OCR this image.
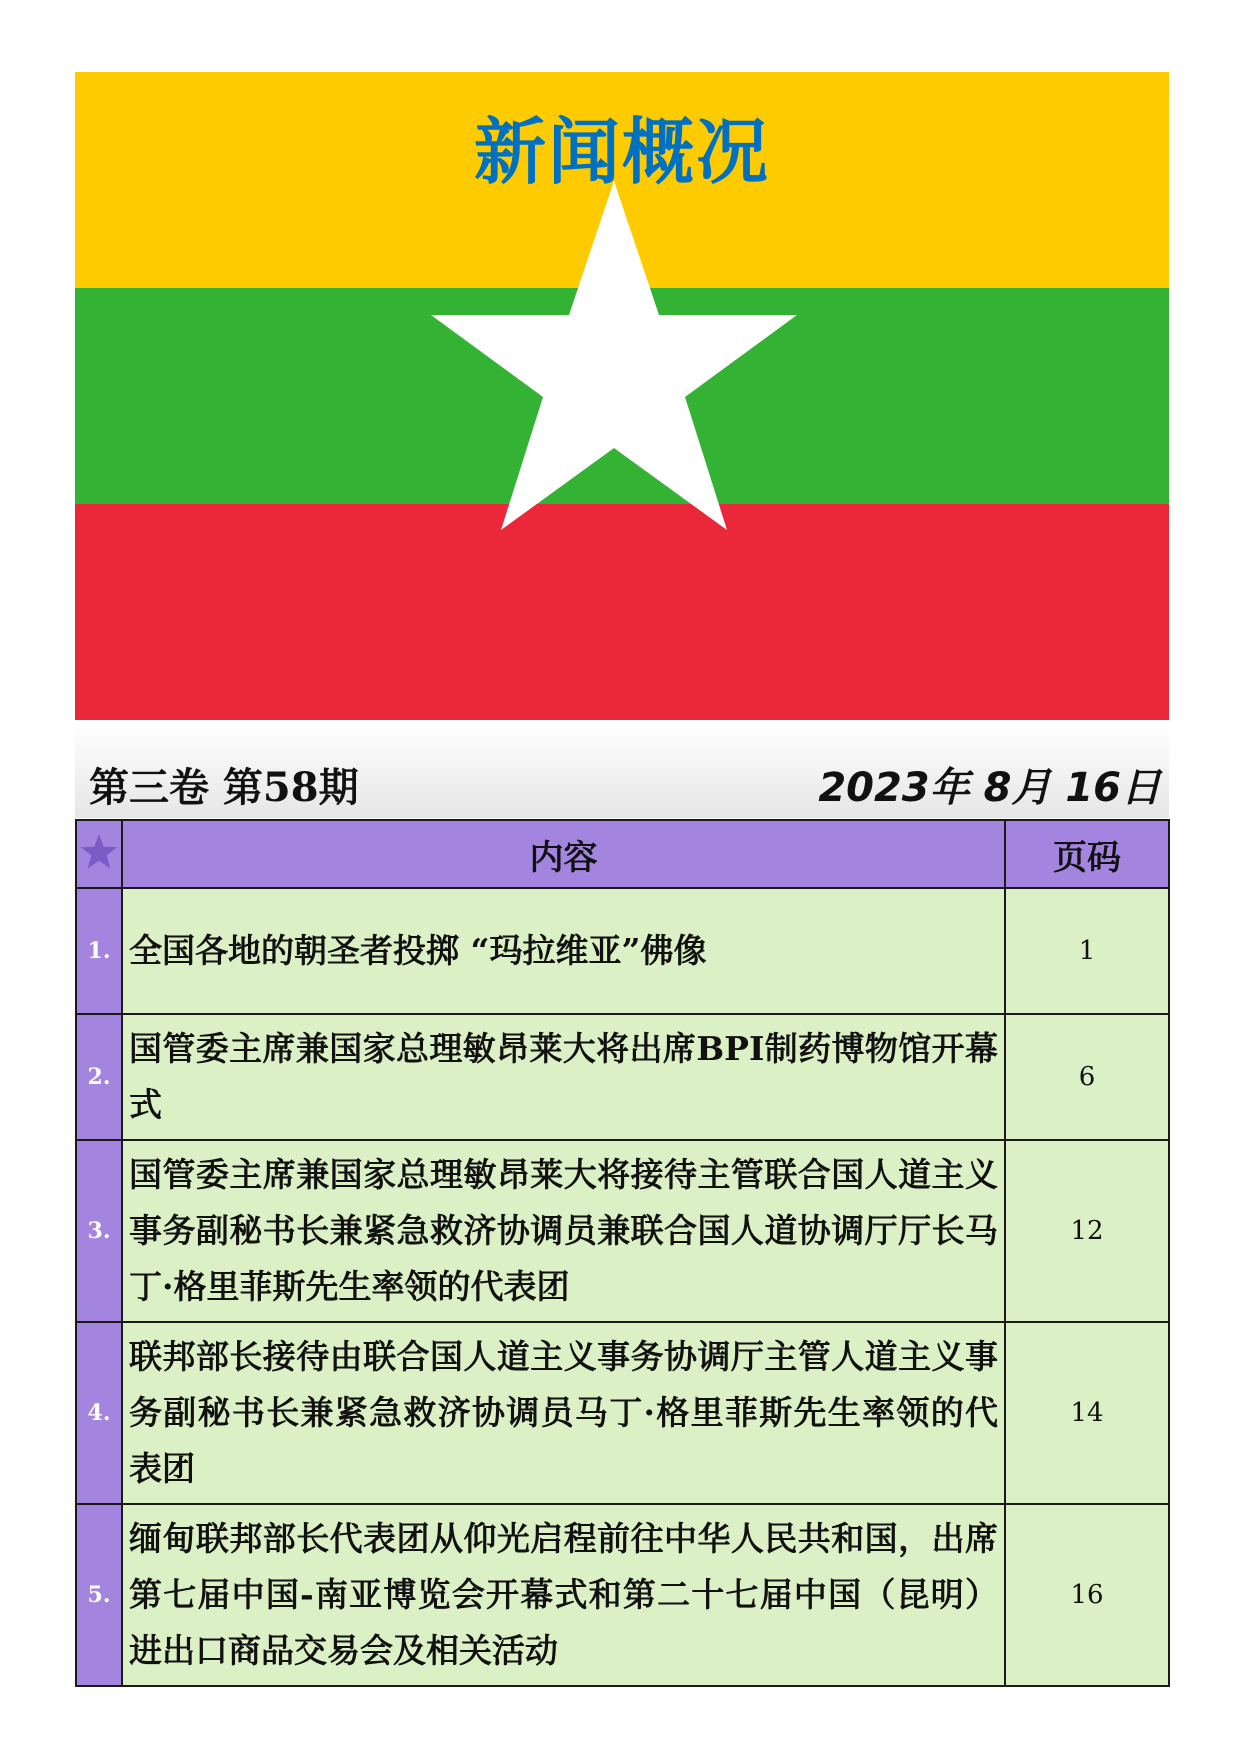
新闻概况
第三卷 第58期	2023年 8月 16日
	内容	页码
1.	全国各地的朝圣者投掷 “玛拉维亚”佛像	1
2.	国管委主席兼国家总理敏昂莱大将出席BPI制药博物馆开幕式	6
3.	国管委主席兼国家总理敏昂莱大将接待主管联合国人道主义事务副秘书长兼紧急救济协调员兼联合国人道协调厅厅长马丁·格里菲斯先生率领的代表团	12
4.	联邦部长接待由联合国人道主义事务协调厅主管人道主义事务副秘书长兼紧急救济协调员马丁·格里菲斯先生率领的代表团	14
5.	缅甸联邦部长代表团从仰光启程前往中华人民共和国，出席第七届中国-南亚博览会开幕式和第二十七届中国（昆明）进出口商品交易会及相关活动	16
